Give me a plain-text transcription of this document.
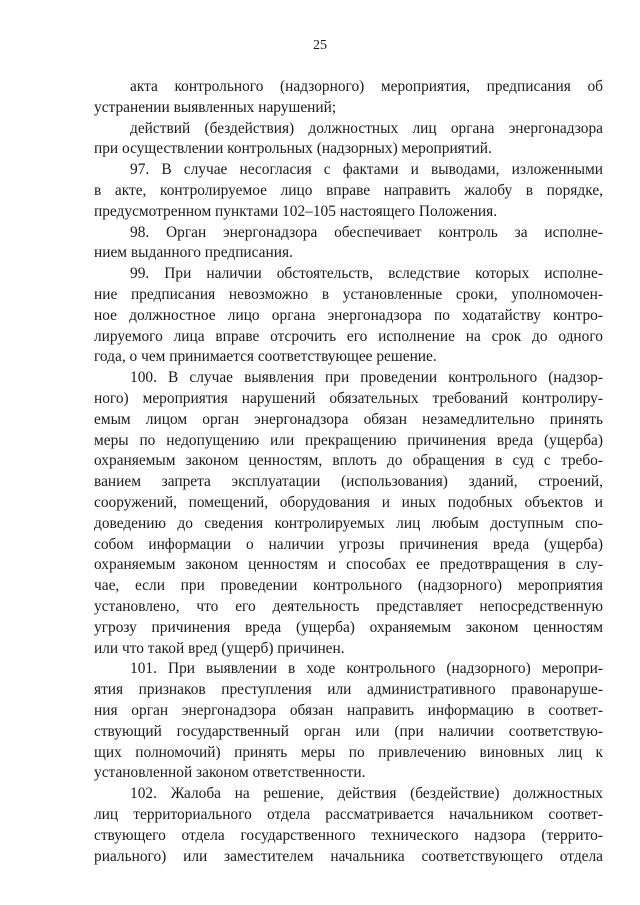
25
акта контрольного (надзорного) мероприятия, предписания об
устранении выявленных нарушений;
действий (бездействия) должностных лиц органа энергонадзора
при осуществлении контрольных (надзорных) мероприятий.
97. В случае несогласия с фактами и выводами, изложенными
в акте, контролируемое лицо вправе направить жалобу в порядке,
предусмотренном пунктами 102–105 настоящего Положения.
98. Орган энергонадзора обеспечивает контроль за исполне-
нием выданного предписания.
99. При наличии обстоятельств, вследствие которых исполне-
ние предписания невозможно в установленные сроки, уполномочен-
ное должностное лицо органа энергонадзора по ходатайству контро-
лируемого лица вправе отсрочить его исполнение на срок до одного
года, о чем принимается соответствующее решение.
100. В случае выявления при проведении контрольного (надзор-
ного) мероприятия нарушений обязательных требований контролиру-
емым лицом орган энергонадзора обязан незамедлительно принять
меры по недопущению или прекращению причинения вреда (ущерба)
охраняемым законом ценностям, вплоть до обращения в суд с требо-
ванием запрета эксплуатации (использования) зданий, строений,
сооружений, помещений, оборудования и иных подобных объектов и
доведению до сведения контролируемых лиц любым доступным спо-
собом информации о наличии угрозы причинения вреда (ущерба)
охраняемым законом ценностям и способах ее предотвращения в слу-
чае, если при проведении контрольного (надзорного) мероприятия
установлено, что его деятельность представляет непосредственную
угрозу причинения вреда (ущерба) охраняемым законом ценностям
или что такой вред (ущерб) причинен.
101. При выявлении в ходе контрольного (надзорного) меропри-
ятия признаков преступления или административного правонаруше-
ния орган энергонадзора обязан направить информацию в соответ-
ствующий государственный орган или (при наличии соответствую-
щих полномочий) принять меры по привлечению виновных лиц к
установленной законом ответственности.
102. Жалоба на решение, действия (бездействие) должностных
лиц территориального отдела рассматривается начальником соответ-
ствующего отдела государственного технического надзора (террито-
риального) или заместителем начальника соответствующего отдела
